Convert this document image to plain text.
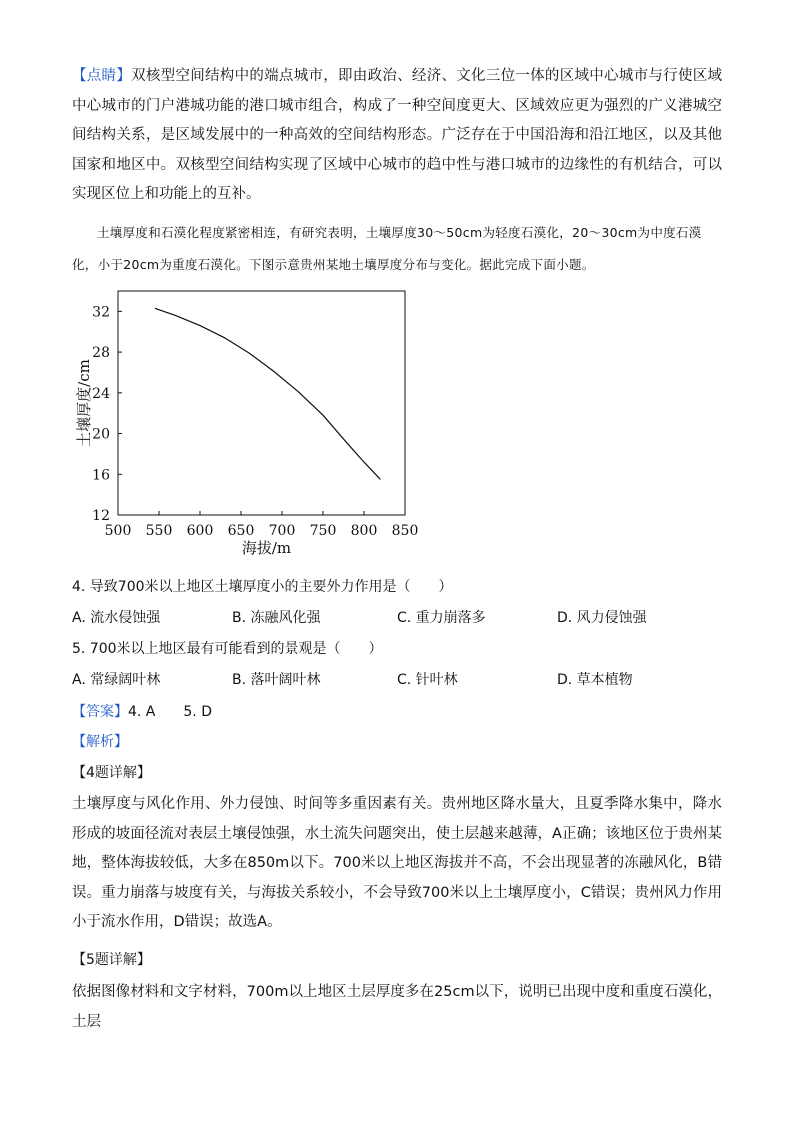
【点睛】双核型空间结构中的端点城市，即由政治、经济、文化三位一体的区域中心城市与行使区域中心城市的门户港城功能的港口城市组合，构成了一种空间度更大、区域效应更为强烈的广义港城空间结构关系，是区域发展中的一种高效的空间结构形态。广泛存在于中国沿海和沿江地区，以及其他国家和地区中。双核型空间结构实现了区域中心城市的趋中性与港口城市的边缘性的有机结合，可以实现区位上和功能上的互补。
土壤厚度和石漠化程度紧密相连，有研究表明，土壤厚度30～50cm为轻度石漠化，20～30cm为中度石漠化，小于20cm为重度石漠化。下图示意贵州某地土壤厚度分布与变化。据此完成下面小题。
500 550 600 650 700 750 800 850
12
16
20
24
28
32
海拔/m
土壤厚度/cm
4. 导致700米以上地区土壤厚度小的主要外力作用是（　　）
A. 流水侵蚀强	B. 冻融风化强	C. 重力崩落多	D. 风力侵蚀强
5. 700米以上地区最有可能看到的景观是（　　）
A. 常绿阔叶林	B. 落叶阔叶林	C. 针叶林	D. 草本植物
【答案】4. A　　5. D
【解析】
【4题详解】
土壤厚度与风化作用、外力侵蚀、时间等多重因素有关。贵州地区降水量大，且夏季降水集中，降水形成的坡面径流对表层土壤侵蚀强，水土流失问题突出，使土层越来越薄，A正确；该地区位于贵州某地，整体海拔较低，大多在850m以下。700米以上地区海拔并不高，不会出现显著的冻融风化，B错误。重力崩落与坡度有关，与海拔关系较小，不会导致700米以上土壤厚度小，C错误；贵州风力作用小于流水作用，D错误；故选A。
【5题详解】
依据图像材料和文字材料，700m以上地区土层厚度多在25cm以下，说明已出现中度和重度石漠化，土层
